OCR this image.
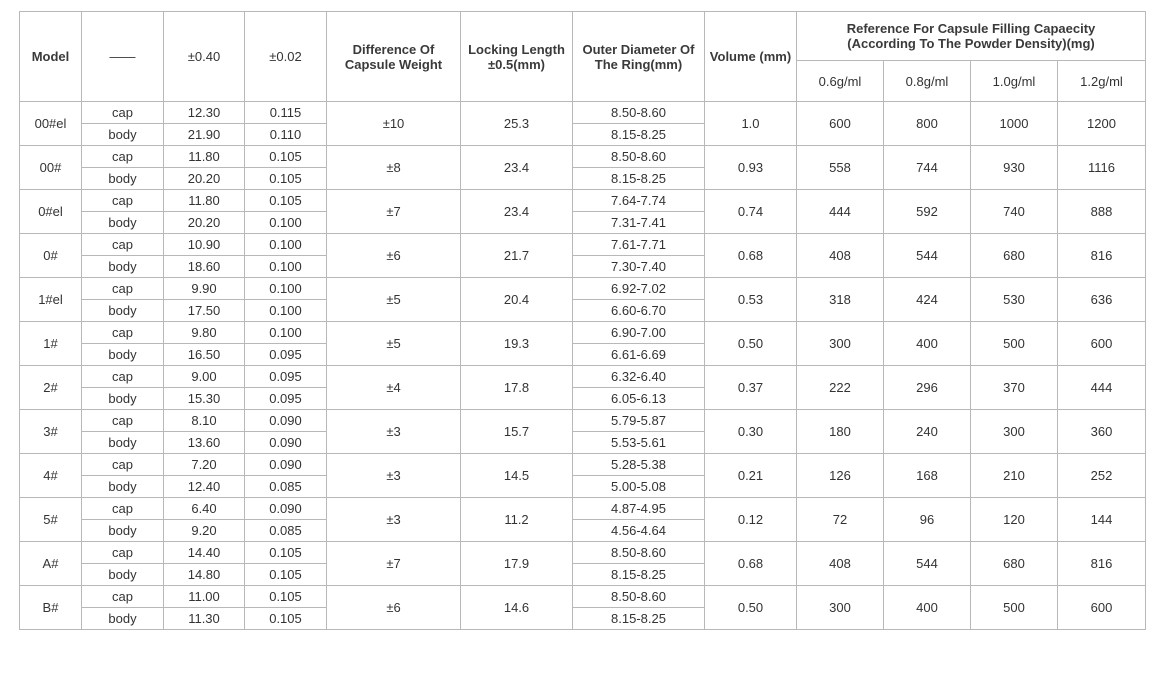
Model	——	±0.40	±0.02	Difference Of Capsule Weight	Locking Length ±0.5(mm)	Outer Diameter Of The Ring(mm)	Volume (mm)	Reference For Capsule Filling Capaecity (According To The Powder Density)(mg)			
								0.6g/ml	0.8g/ml	1.0g/ml	1.2g/ml
00#el	cap	12.30	0.115	±10	25.3	8.50-8.60	1.0	600	800	1000	1200
	body	21.90	0.110			8.15-8.25					
00#	cap	11.80	0.105	±8	23.4	8.50-8.60	0.93	558	744	930	1116
	body	20.20	0.105			8.15-8.25					
0#el	cap	11.80	0.105	±7	23.4	7.64-7.74	0.74	444	592	740	888
	body	20.20	0.100			7.31-7.41					
0#	cap	10.90	0.100	±6	21.7	7.61-7.71	0.68	408	544	680	816
	body	18.60	0.100			7.30-7.40					
1#el	cap	9.90	0.100	±5	20.4	6.92-7.02	0.53	318	424	530	636
	body	17.50	0.100			6.60-6.70					
1#	cap	9.80	0.100	±5	19.3	6.90-7.00	0.50	300	400	500	600
	body	16.50	0.095			6.61-6.69					
2#	cap	9.00	0.095	±4	17.8	6.32-6.40	0.37	222	296	370	444
	body	15.30	0.095			6.05-6.13					
3#	cap	8.10	0.090	±3	15.7	5.79-5.87	0.30	180	240	300	360
	body	13.60	0.090			5.53-5.61					
4#	cap	7.20	0.090	±3	14.5	5.28-5.38	0.21	126	168	210	252
	body	12.40	0.085			5.00-5.08					
5#	cap	6.40	0.090	±3	11.2	4.87-4.95	0.12	72	96	120	144
	body	9.20	0.085			4.56-4.64					
A#	cap	14.40	0.105	±7	17.9	8.50-8.60	0.68	408	544	680	816
	body	14.80	0.105			8.15-8.25					
B#	cap	11.00	0.105	±6	14.6	8.50-8.60	0.50	300	400	500	600
	body	11.30	0.105			8.15-8.25					
